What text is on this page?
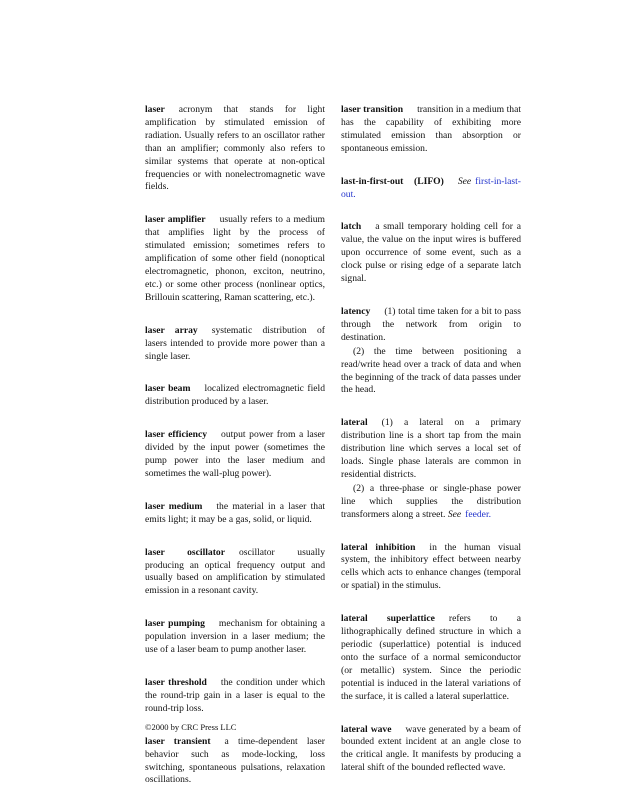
laser acronym that stands for light amplification by stimulated emission of radiation. Usually refers to an oscillator rather than an amplifier; commonly also refers to similar systems that operate at non-optical frequencies or with nonelectromagnetic wave fields.

laser amplifier usually refers to a medium that amplifies light by the process of stimulated emission; sometimes refers to amplification of some other field (nonoptical electromagnetic, phonon, exciton, neutrino, etc.) or some other process (nonlinear optics, Brillouin scattering, Raman scattering, etc.).

laser array systematic distribution of lasers intended to provide more power than a single laser.

laser beam localized electromagnetic field distribution produced by a laser.

laser efficiency output power from a laser divided by the input power (sometimes the pump power into the laser medium and sometimes the wall-plug power).

laser medium the material in a laser that emits light; it may be a gas, solid, or liquid.

laser oscillator oscillator usually producing an optical frequency output and usually based on amplification by stimulated emission in a resonant cavity.

laser pumping mechanism for obtaining a population inversion in a laser medium; the use of a laser beam to pump another laser.

laser threshold the condition under which the round-trip gain in a laser is equal to the round-trip loss.

laser transient a time-dependent laser behavior such as mode-locking, loss switching, spontaneous pulsations, relaxation oscillations.

laser transition transition in a medium that has the capability of exhibiting more stimulated emission than absorption or spontaneous emission.

last-in-first-out (LIFO) See first-in-last-out.

latch a small temporary holding cell for a value, the value on the input wires is buffered upon occurrence of some event, such as a clock pulse or rising edge of a separate latch signal.

latency (1) total time taken for a bit to pass through the network from origin to destination.

(2) the time between positioning a read/write head over a track of data and when the beginning of the track of data passes under the head.

lateral (1) a lateral on a primary distribution line is a short tap from the main distribution line which serves a local set of loads. Single phase laterals are common in residential districts.

(2) a three-phase or single-phase power line which supplies the distribution transformers along a street. See feeder.

lateral inhibition in the human visual system, the inhibitory effect between nearby cells which acts to enhance changes (temporal or spatial) in the stimulus.

lateral superlattice refers to a lithographically defined structure in which a periodic (superlattice) potential is induced onto the surface of a normal semiconductor (or metallic) system. Since the periodic potential is induced in the lateral variations of the surface, it is called a lateral superlattice.

lateral wave wave generated by a beam of bounded extent incident at an angle close to the critical angle. It manifests by producing a lateral shift of the bounded reflected wave.

©2000 by CRC Press LLC
